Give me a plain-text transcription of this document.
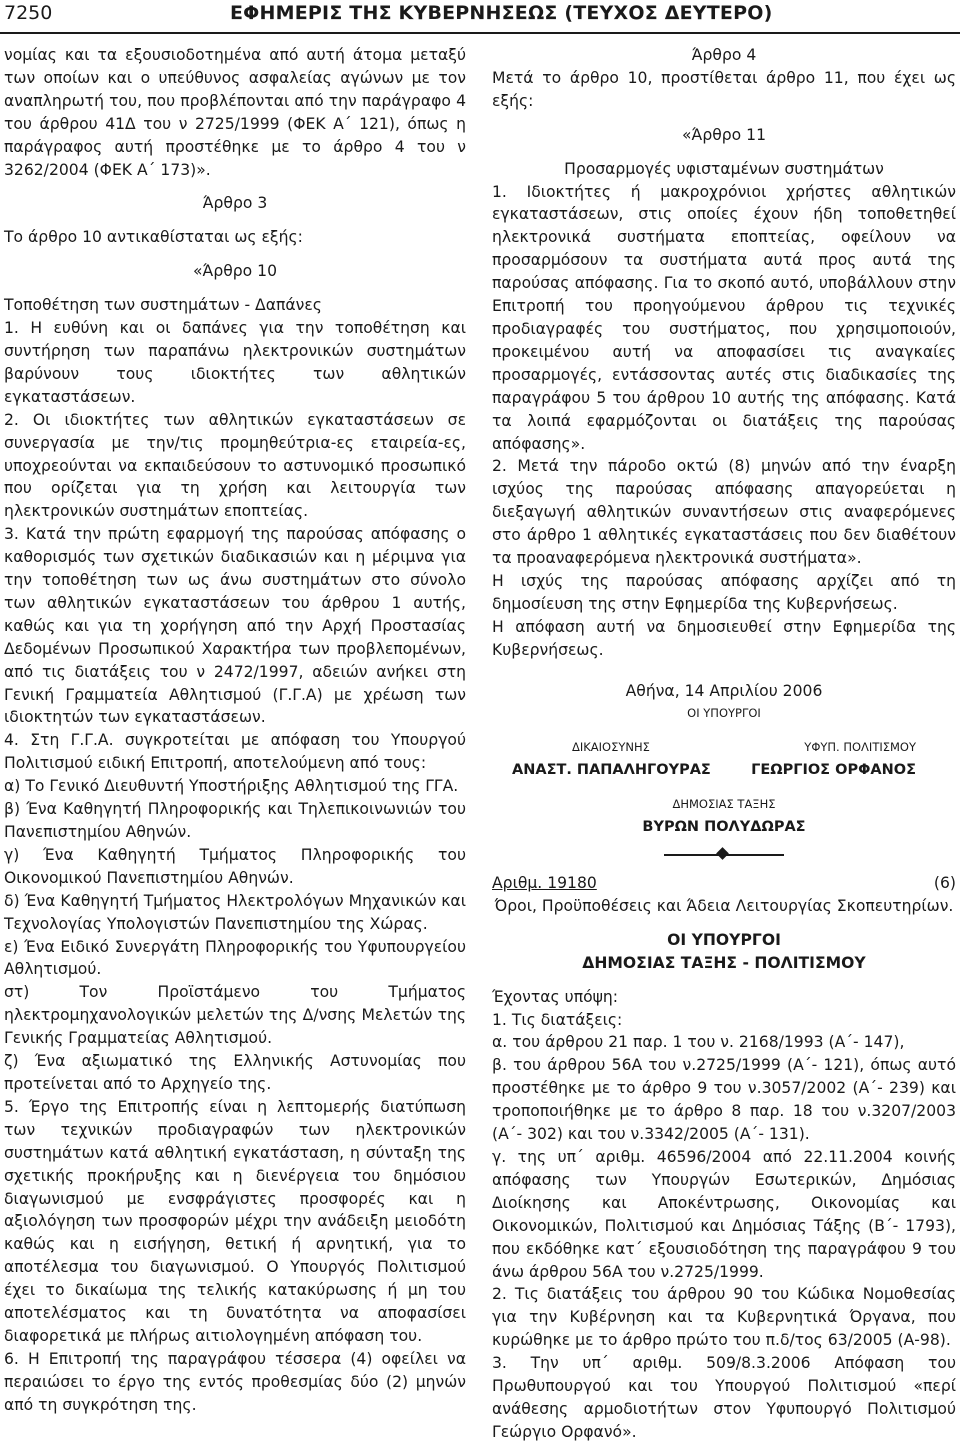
7250	ΕΦΗΜΕΡΙΣ ΤΗΣ ΚΥΒΕΡΝΗΣΕΩΣ (ΤΕΥΧΟΣ ΔΕΥΤΕΡΟ)

νομίας και τα εξουσιοδοτημένα από αυτή άτομα μεταξύ των οποίων και ο υπεύθυνος ασφαλείας αγώνων με τον αναπληρωτή του, που προβλέπονται από την παράγραφο 4 του άρθρου 41Δ του ν 2725/1999 (ΦΕΚ Α΄ 121), όπως η παράγραφος αυτή προστέθηκε με το άρθρο 4 του ν 3262/2004 (ΦΕΚ Α΄ 173)».

Άρθρο 3

Το άρθρο 10 αντικαθίσταται ως εξής:

«Άρθρο 10

Τοποθέτηση των συστημάτων - Δαπάνες

1. Η ευθύνη και οι δαπάνες για την τοποθέτηση και συντήρηση των παραπάνω ηλεκτρονικών συστημάτων βαρύνουν τους ιδιοκτήτες των αθλητικών εγκαταστάσεων.

2. Οι ιδιοκτήτες των αθλητικών εγκαταστάσεων σε συνεργασία με την/τις προμηθεύτρια-ες εταιρεία-ες, υποχρεούνται να εκπαιδεύσουν το αστυνομικό προσωπικό που ορίζεται για τη χρήση και λειτουργία των ηλεκτρονικών συστημάτων εποπτείας.

3. Κατά την πρώτη εφαρμογή της παρούσας απόφασης ο καθορισμός των σχετικών διαδικασιών και η μέριμνα για την τοποθέτηση των ως άνω συστημάτων στο σύνολο των αθλητικών εγκαταστάσεων του άρθρου 1 αυτής, καθώς και για τη χορήγηση από την Αρχή Προστασίας Δεδομένων Προσωπικού Χαρακτήρα των προβλεπομένων, από τις διατάξεις του ν 2472/1997, αδειών ανήκει στη Γενική Γραμματεία Αθλητισμού (Γ.Γ.Α) με χρέωση των ιδιοκτητών των εγκαταστάσεων.

4. Στη Γ.Γ.Α. συγκροτείται με απόφαση του Υπουργού Πολιτισμού ειδική Επιτροπή, αποτελούμενη από τους:

α) Το Γενικό Διευθυντή Υποστήριξης Αθλητισμού της ΓΓΑ.

β) Ένα Καθηγητή Πληροφορικής και Τηλεπικοινωνιών του Πανεπιστημίου Αθηνών.

γ) Ένα Καθηγητή Τμήματος Πληροφορικής του Οικονομικού Πανεπιστημίου Αθηνών.

δ) Ένα Καθηγητή Τμήματος Ηλεκτρολόγων Μηχανικών και Τεχνολογίας Υπολογιστών Πανεπιστημίου της Χώρας.

ε) Ένα Ειδικό Συνεργάτη Πληροφορικής του Υφυπουργείου Αθλητισμού.

στ) Τον Προϊστάμενο του Τμήματος ηλεκτρομηχανολογικών μελετών της Δ/νσης Μελετών της Γενικής Γραμματείας Αθλητισμού.

ζ) Ένα αξιωματικό της Ελληνικής Αστυνομίας που προτείνεται από το Αρχηγείο της.

5. Έργο της Επιτροπής είναι η λεπτομερής διατύπωση των τεχνικών προδιαγραφών των ηλεκτρονικών συστημάτων κατά αθλητική εγκατάσταση, η σύνταξη της σχετικής προκήρυξης και η διενέργεια του δημόσιου διαγωνισμού με ενσφράγιστες προσφορές και η αξιολόγηση των προσφορών μέχρι την ανάδειξη μειοδότη καθώς και η εισήγηση, θετική ή αρνητική, για το αποτέλεσμα του διαγωνισμού. Ο Υπουργός Πολιτισμού έχει το δικαίωμα της τελικής κατακύρωσης ή μη του αποτελέσματος και τη δυνατότητα να αποφασίσει διαφορετικά με πλήρως αιτιολογημένη απόφαση του.

6. Η Επιτροπή της παραγράφου τέσσερα (4) οφείλει να περαιώσει το έργο της εντός προθεσμίας δύο (2) μηνών από τη συγκρότηση της.

Άρθρο 4

Μετά το άρθρο 10, προστίθεται άρθρο 11, που έχει ως εξής:

«Άρθρο 11

Προσαρμογές υφισταμένων συστημάτων

1. Ιδιοκτήτες ή μακροχρόνιοι χρήστες αθλητικών εγκαταστάσεων, στις οποίες έχουν ήδη τοποθετηθεί ηλεκτρονικά συστήματα εποπτείας, οφείλουν να προσαρμόσουν τα συστήματα αυτά προς αυτά της παρούσας απόφασης. Για το σκοπό αυτό, υποβάλλουν στην Επιτροπή του προηγούμενου άρθρου τις τεχνικές προδιαγραφές του συστήματος, που χρησιμοποιούν, προκειμένου αυτή να αποφασίσει τις αναγκαίες προσαρμογές, εντάσσοντας αυτές στις διαδικασίες της παραγράφου 5 του άρθρου 10 αυτής της απόφασης. Κατά τα λοιπά εφαρμόζονται οι διατάξεις της παρούσας απόφασης».

2. Μετά την πάροδο οκτώ (8) μηνών από την έναρξη ισχύος της παρούσας απόφασης απαγορεύεται η διεξαγωγή αθλητικών συναντήσεων στις αναφερόμενες στο άρθρο 1 αθλητικές εγκαταστάσεις που δεν διαθέτουν τα προαναφερόμενα ηλεκτρονικά συστήματα».

Η ισχύς της παρούσας απόφασης αρχίζει από τη δημοσίευση της στην Εφημερίδα της Κυβερνήσεως.

Η απόφαση αυτή να δημοσιευθεί στην Εφημερίδα της Κυβερνήσεως.

Αθήνα, 14 Απριλίου 2006

ΟΙ ΥΠΟΥΡΓΟΙ

ΔΙΚΑΙΟΣΥΝΗΣ	ΥΦΥΠ. ΠΟΛΙΤΙΣΜΟΥ
ΑΝΑΣΤ. ΠΑΠΑΛΗΓΟΥΡΑΣ	ΓΕΩΡΓΙΟΣ ΟΡΦΑΝΟΣ

ΔΗΜΟΣΙΑΣ ΤΑΞΗΣ

ΒΥΡΩΝ ΠΟΛΥΔΩΡΑΣ

Αριθμ. 19180	(6)

Όροι, Προϋποθέσεις και Άδεια Λειτουργίας Σκοπευτηρίων.

ΟΙ ΥΠΟΥΡΓΟΙ

ΔΗΜΟΣΙΑΣ ΤΑΞΗΣ - ΠΟΛΙΤΙΣΜΟΥ

Έχοντας υπόψη:

1. Τις διατάξεις:

α. του άρθρου 21 παρ. 1 του ν. 2168/1993 (Α΄- 147),

β. του άρθρου 56Α του ν.2725/1999 (Α΄- 121), όπως αυτό προστέθηκε με το άρθρο 9 του ν.3057/2002 (Α΄- 239) και τροποποιήθηκε με το άρθρο 8 παρ. 18 του ν.3207/2003 (Α΄- 302) και του ν.3342/2005 (Α΄- 131).

γ. της υπ΄ αριθμ. 46596/2004 από 22.11.2004 κοινής απόφασης των Υπουργών Εσωτερικών, Δημόσιας Διοίκησης και Αποκέντρωσης, Οικονομίας και Οικονομικών, Πολιτισμού και Δημόσιας Τάξης (Β΄- 1793), που εκδόθηκε κατ΄ εξουσιοδότηση της παραγράφου 9 του άνω άρθρου 56Α του ν.2725/1999.

2. Τις διατάξεις του άρθρου 90 του Κώδικα Νομοθεσίας για την Κυβέρνηση και τα Κυβερνητικά Όργανα, που κυρώθηκε με το άρθρο πρώτο του π.δ/τος 63/2005 (Α-98).

3. Την υπ΄ αριθμ. 509/8.3.2006 Απόφαση του Πρωθυπουργού και του Υπουργού Πολιτισμού «περί ανάθεσης αρμοδιοτήτων στον Υφυπουργό Πολιτισμού Γεώργιο Ορφανό».
